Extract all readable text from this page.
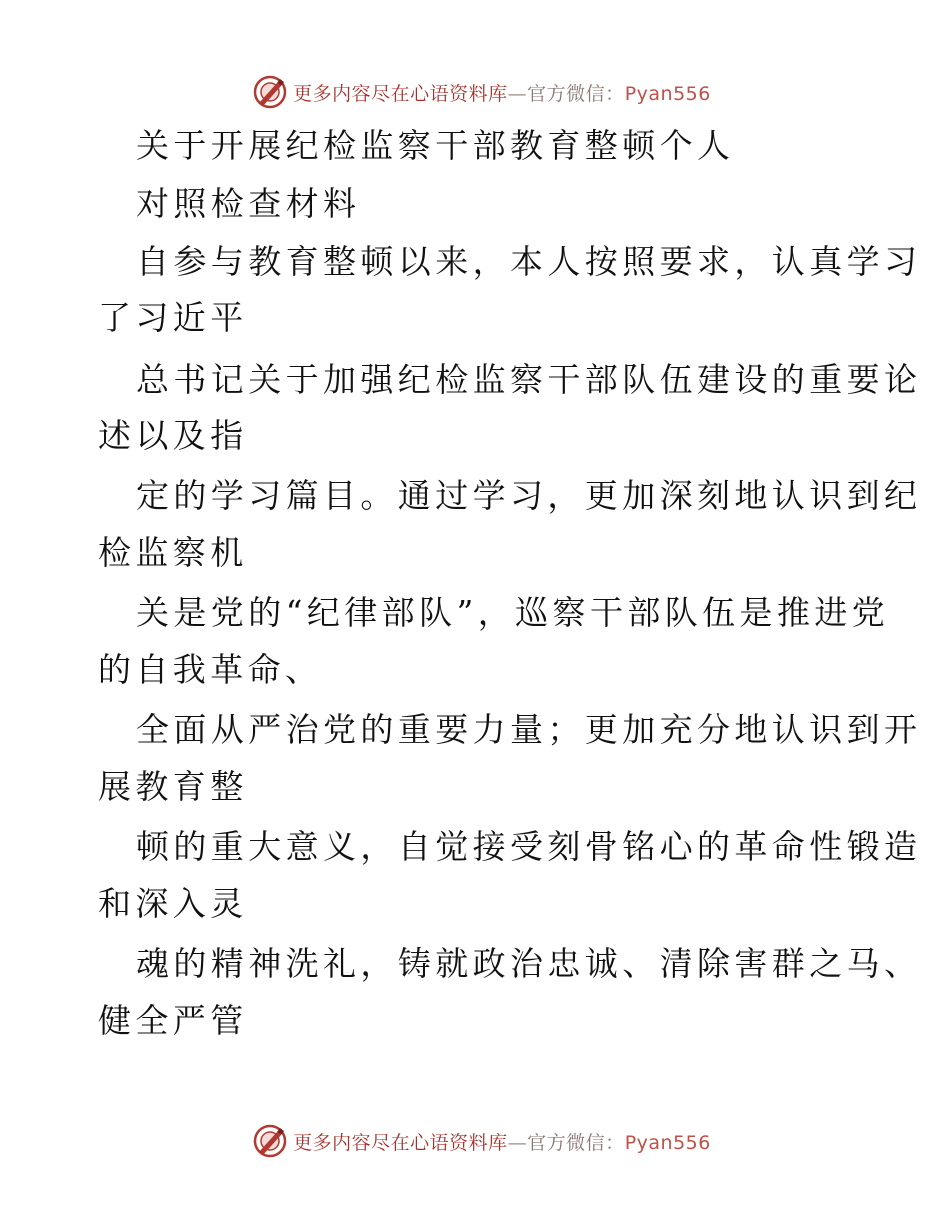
更多内容尽在心语资料库—官方微信：Pyan556
关于开展纪检监察干部教育整顿个人
对照检查材料
自参与教育整顿以来，本人按照要求，认真学习
了习近平
总书记关于加强纪检监察干部队伍建设的重要论
述以及指
定的学习篇目。通过学习，更加深刻地认识到纪
检监察机
关是党的“纪律部队”，巡察干部队伍是推进党
的自我革命、
全面从严治党的重要力量；更加充分地认识到开
展教育整
顿的重大意义，自觉接受刻骨铭心的革命性锻造
和深入灵
魂的精神洗礼，铸就政治忠诚、清除害群之马、
健全严管
更多内容尽在心语资料库—官方微信：Pyan556
